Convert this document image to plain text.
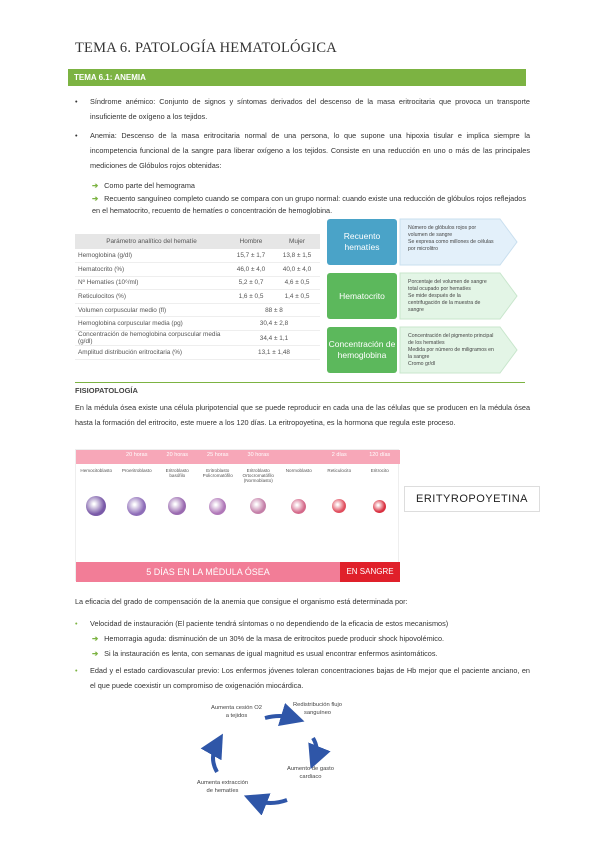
TEMA 6. PATOLOGÍA HEMATOLÓGICA
TEMA 6.1: ANEMIA
• Síndrome anémico: Conjunto de signos y síntomas derivados del descenso de la masa eritrocitaria que provoca un transporte insuficiente de oxígeno a los tejidos.
• Anemia: Descenso de la masa eritrocitaria normal de una persona, lo que supone una hipoxia tisular e implica siempre la incompetencia funcional de la sangre para liberar oxígeno a los tejidos. Consiste en una reducción en uno o más de las principales mediciones de Glóbulos rojos obtenidas:
➔ Como parte del hemograma
➔ Recuento sanguíneo completo cuando se compara con un grupo normal: cuando existe una reducción de glóbulos rojos reflejados en el hematocrito, recuento de hematíes o concentración de hemoglobina.
Parámetro analítico del hematíe	Hombre	Mujer
Hemoglobina (g/dl)	15,7 ± 1,7	13,8 ± 1,5
Hematocrito (%)	46,0 ± 4,0	40,0 ± 4,0
Nº Hematíes (10⁶/ml)	5,2 ± 0,7	4,6 ± 0,5
Reticulocitos (%)	1,6 ± 0,5	1,4 ± 0,5
Volumen corpuscular medio (fl)	88 ± 8	
Hemoglobina corpuscular media (pg)	30,4 ± 2,8	
Concentración de hemoglobina corpuscular media (g/dl)	34,4 ± 1,1	
Amplitud distribución eritrocitaria (%)	13,1 ± 1,48	
Recuento hematíes
Hematocrito
Concentración de hemoglobina
Número de glóbulos rojos por volumen de sangre
Se expresa como millones de células por microlitro
Porcentaje del volumen de sangre total ocupado por hematíes
Se mide después de la centrifugación de la muestra de sangre
Concentración del pigmento principal de los hematíes
Medida por número de miligramos en la sangre
Cromo gr/dl
FISIOPATOLOGÍA
En la médula ósea existe una célula pluripotencial que se puede reproducir en cada una de las células que se producen en la médula ósea hasta la formación del eritrocito, este muere a los 120 días. La eritropoyetina, es la hormona que regula este proceso.
Hemocitoblasto
20 horas
Proeritroblasto
20 horas
Eritroblasto basófilo
25 horas
Eritroblasto Policromatófilo
30 horas
Eritroblasto Ortocromatófilo (Normoblasto)
Normoblasto
2 días
Reticulocito
120 días
Eritrocito
5 DÍAS EN LA MÉDULA ÓSEA	EN SANGRE
ERITYROPOYETINA
La eficacia del grado de compensación de la anemia que consigue el organismo está determinada por:
• Velocidad de instauración (El paciente tendrá síntomas o no dependiendo de la eficacia de estos mecanismos)
➔ Hemorragia aguda: disminución de un 30% de la masa de eritrocitos puede producir shock hipovolémico.
➔ Si la instauración es lenta, con semanas de igual magnitud es usual encontrar enfermos asintomáticos.
• Edad y el estado cardiovascular previo: Los enfermos jóvenes toleran concentraciones bajas de Hb mejor que el paciente anciano, en el que puede coexistir un compromiso de oxigenación miocárdica.
Redistribución flujo sanguíneo
Aumento de gasto cardiaco
Aumenta extracción de hematíes
Aumenta cesión O2 a tejidos
